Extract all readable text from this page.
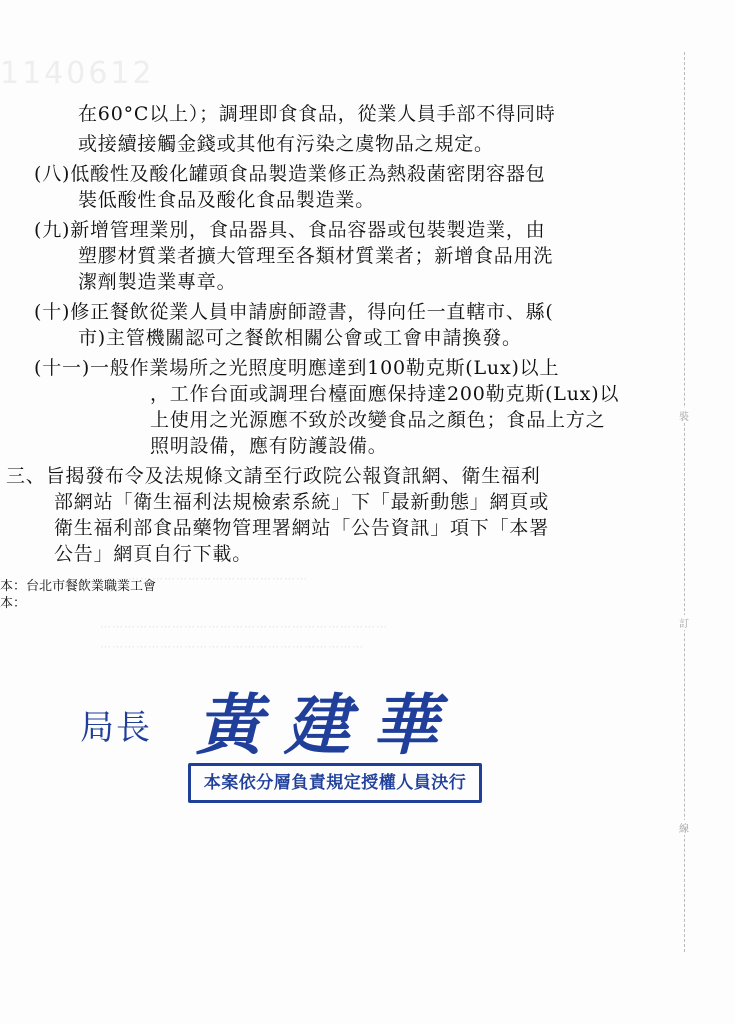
1140612
裝
訂
線
⋯⋯⋯⋯⋯⋯⋯⋯⋯⋯⋯⋯⋯⋯⋯⋯⋯⋯⋯
⋯⋯⋯⋯⋯⋯⋯⋯⋯⋯⋯⋯⋯⋯⋯⋯⋯⋯⋯⋯⋯⋯⋯⋯
⋯⋯⋯⋯⋯⋯⋯⋯⋯⋯⋯⋯⋯⋯⋯⋯⋯⋯⋯⋯⋯⋯
在60°C以上）；調理即食食品，從業人員手部不得同時
或接續接觸金錢或其他有污染之虞物品之規定。
(八)低酸性及酸化罐頭食品製造業修正為熱殺菌密閉容器包
裝低酸性食品及酸化食品製造業。
(九)新增管理業別，食品器具、食品容器或包裝製造業，由
塑膠材質業者擴大管理至各類材質業者；新增食品用洗
潔劑製造業專章。
(十)修正餐飲從業人員申請廚師證書，得向任一直轄市、縣(
市)主管機關認可之餐飲相關公會或工會申請換發。
(十一)一般作業場所之光照度明應達到100勒克斯(Lux)以上
，工作台面或調理台檯面應保持達200勒克斯(Lux)以
上使用之光源應不致於改變食品之顏色；食品上方之
照明設備，應有防護設備。
三、旨揭發布令及法規條文請至行政院公報資訊網、衛生福利
部網站「衛生福利法規檢索系統」下「最新動態」網頁或
衛生福利部食品藥物管理署網站「公告資訊」項下「本署
公告」網頁自行下載。
本：台北市餐飲業職業工會
本：
局長 黃建華
本案依分層負責規定授權人員決行
